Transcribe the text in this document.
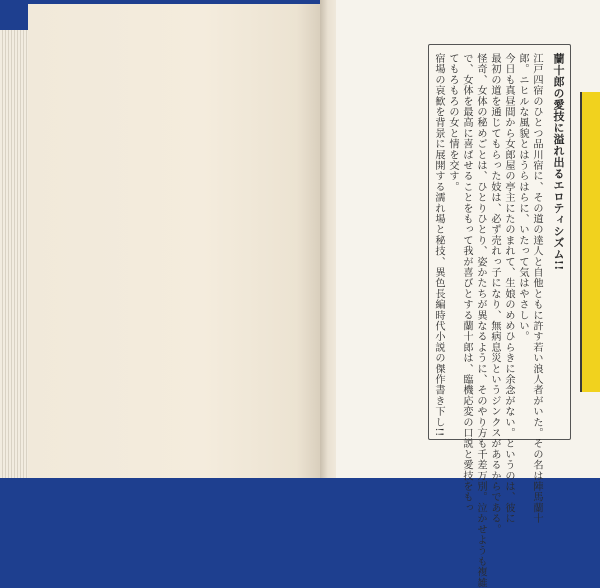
蘭十郎の愛技に溢れ出るエロティシズム!!
江戸四宿のひとつ品川宿に、その道の達人と自他ともに許す若い浪人者がいた。その名は陣馬蘭十
郎。ニヒルな風貌とはうらはらに、いたって気はやさしい。
今日も真昼間から女郎屋の亭主にたのまれて、生娘のめめひらきに余念がない。というのは、彼に
最初の道を通じてもらった妓は、必ず売れっ子になり、無病息災というジンクスがあるからである。
怪奇、女体の秘めごとは、ひとりひとり、姿かたちが異なるように、そのやり方も千差万別。泣かせようも複雑
で、女体を最高に喜ばせることをもって我が喜びとする蘭十郎は、臨機応変の口説と愛技をもっ
てもろもろの女と情を交す。
宿場の哀歓を背景に展開する濡れ場と秘技、異色長編時代小説の傑作書き下し!!
